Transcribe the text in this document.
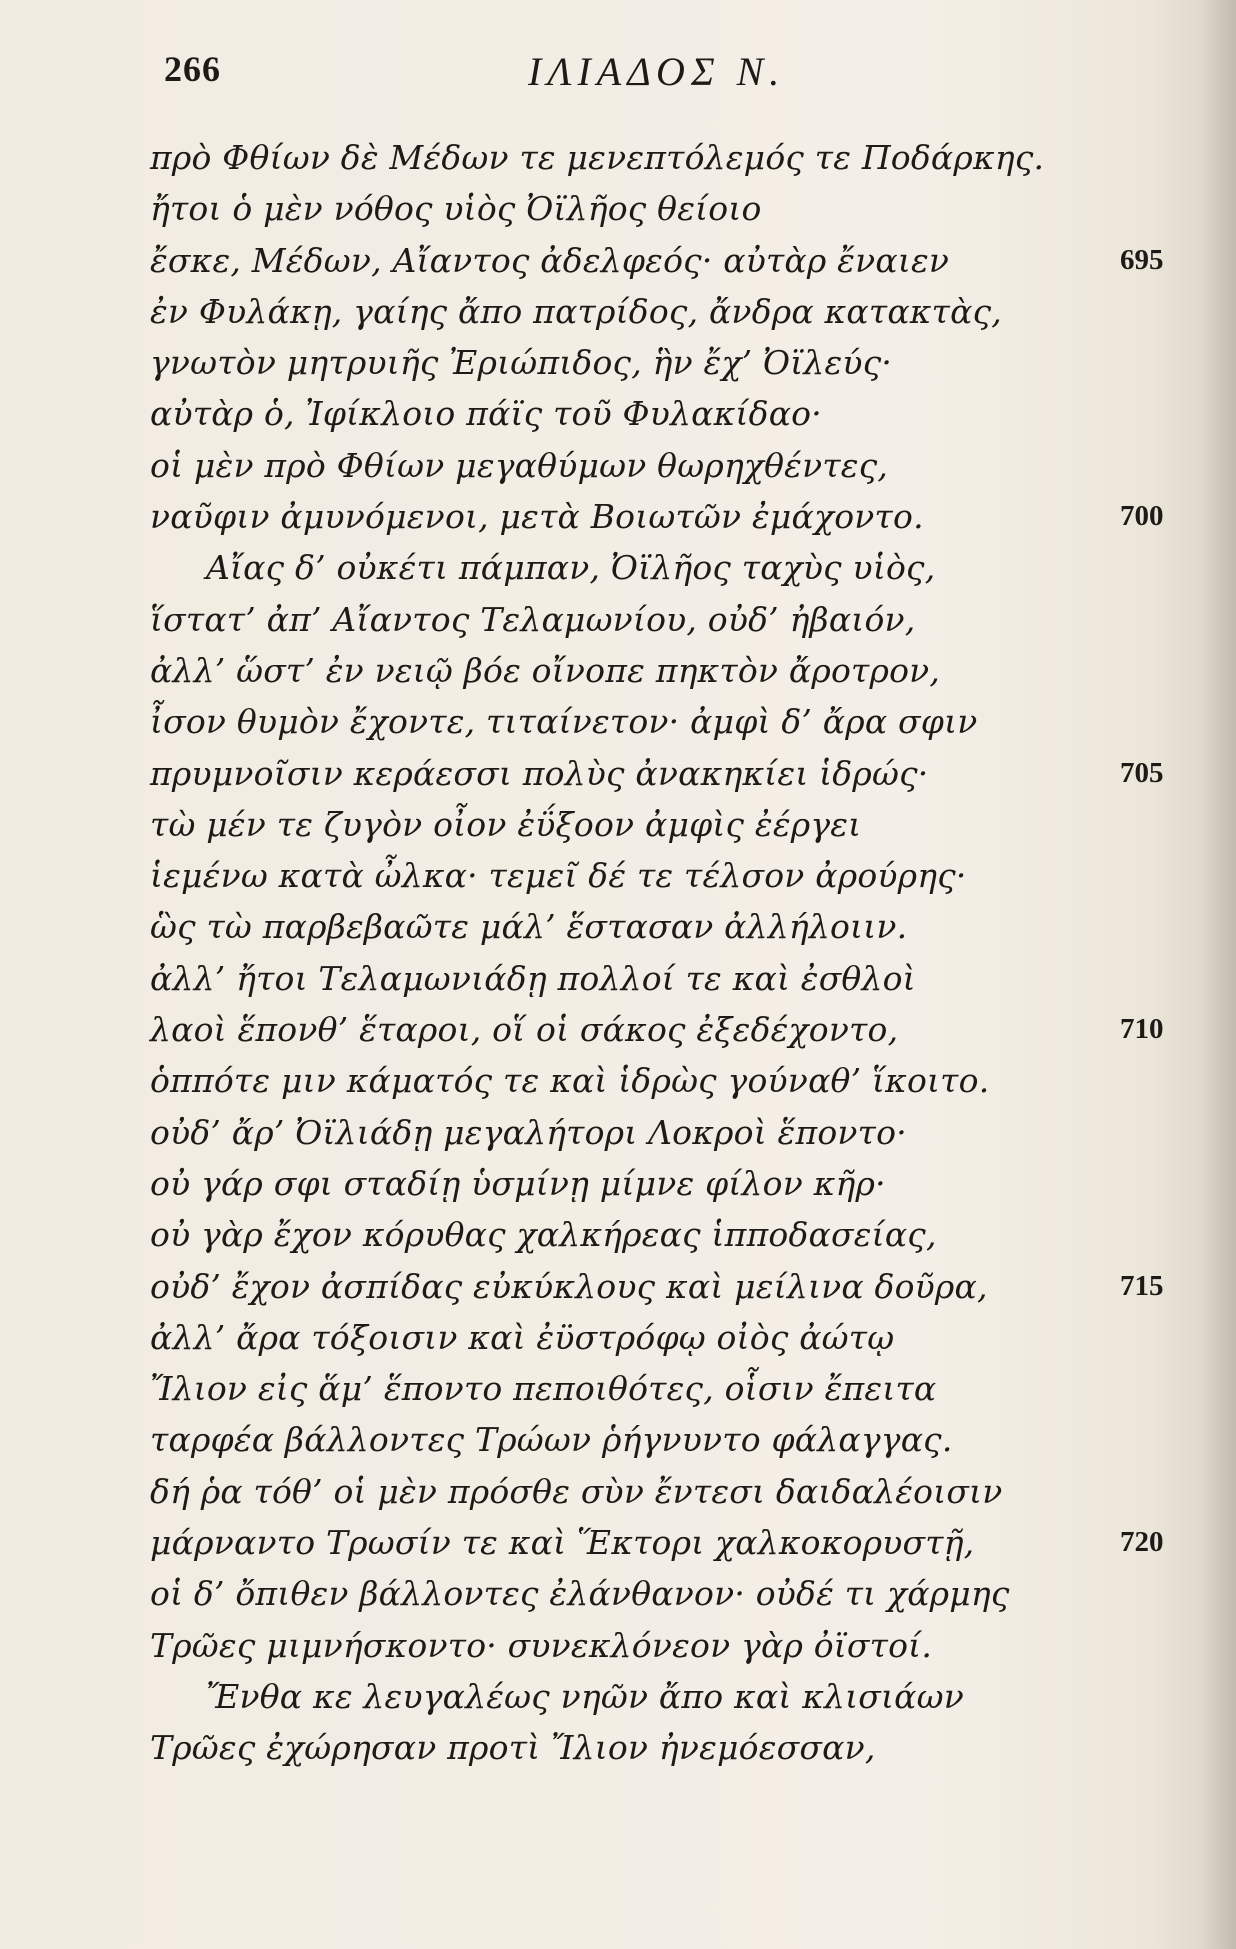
266	ΙΛΙΑΔΟΣ Ν.
πρὸ Φθίων δὲ Μέδων τε μενεπτόλεμός τε Ποδάρκης.
ἤτοι ὁ μὲν νόθος υἱὸς Ὀϊλῆος θείοιο
ἔσκε, Μέδων, Αἴαντος ἀδελφεός· αὐτὰρ ἔναιεν	695
ἐν Φυλάκῃ, γαίης ἄπο πατρίδος, ἄνδρα κατακτὰς,
γνωτὸν μητρυιῆς Ἐριώπιδος, ἣν ἔχ’ Ὀϊλεύς·
αὐτὰρ ὁ, Ἰφίκλοιο πάϊς τοῦ Φυλακίδαο·
οἱ μὲν πρὸ Φθίων μεγαθύμων θωρηχθέντες,
ναῦφιν ἀμυνόμενοι, μετὰ Βοιωτῶν ἐμάχοντο.	700
Αἴας δ’ οὐκέτι πάμπαν, Ὀϊλῆος ταχὺς υἱὸς,
ἵστατ’ ἀπ’ Αἴαντος Τελαμωνίου, οὐδ’ ἠβαιόν,
ἀλλ’ ὥστ’ ἐν νειῷ βόε οἴνοπε πηκτὸν ἄροτρον,
ἶσον θυμὸν ἔχοντε, τιταίνετον· ἀμφὶ δ’ ἄρα σφιν
πρυμνοῖσιν κεράεσσι πολὺς ἀνακηκίει ἱδρώς·	705
τὼ μέν τε ζυγὸν οἶον ἐΰξοον ἀμφὶς ἐέργει
ἱεμένω κατὰ ὦλκα· τεμεῖ δέ τε τέλσον ἀρούρης·
ὣς τὼ παρβεβαῶτε μάλ’ ἕστασαν ἀλλήλοιιν.
ἀλλ’ ἤτοι Τελαμωνιάδῃ πολλοί τε καὶ ἐσθλοὶ
λαοὶ ἕπονθ’ ἕταροι, οἵ οἱ σάκος ἐξεδέχοντο,	710
ὁππότε μιν κάματός τε καὶ ἱδρὼς γούναθ’ ἵκοιτο.
οὐδ’ ἄρ’ Ὀϊλιάδῃ μεγαλήτορι Λοκροὶ ἕποντο·
οὐ γάρ σφι σταδίῃ ὑσμίνῃ μίμνε φίλον κῆρ·
οὐ γὰρ ἔχον κόρυθας χαλκήρεας ἱπποδασείας,
οὐδ’ ἔχον ἀσπίδας εὐκύκλους καὶ μείλινα δοῦρα,	715
ἀλλ’ ἄρα τόξοισιν καὶ ἐϋστρόφῳ οἰὸς ἀώτῳ
Ἴλιον εἰς ἅμ’ ἕποντο πεποιθότες, οἷσιν ἔπειτα
ταρφέα βάλλοντες Τρώων ῥήγνυντο φάλαγγας.
δή ῥα τόθ’ οἱ μὲν πρόσθε σὺν ἔντεσι δαιδαλέοισιν
μάρναντο Τρωσίν τε καὶ Ἕκτορι χαλκοκορυστῇ,	720
οἱ δ’ ὄπιθεν βάλλοντες ἐλάνθανον· οὐδέ τι χάρμης
Τρῶες μιμνήσκοντο· συνεκλόνεον γὰρ ὀϊστοί.
Ἔνθα κε λευγαλέως νηῶν ἄπο καὶ κλισιάων
Τρῶες ἐχώρησαν προτὶ Ἴλιον ἠνεμόεσσαν,
